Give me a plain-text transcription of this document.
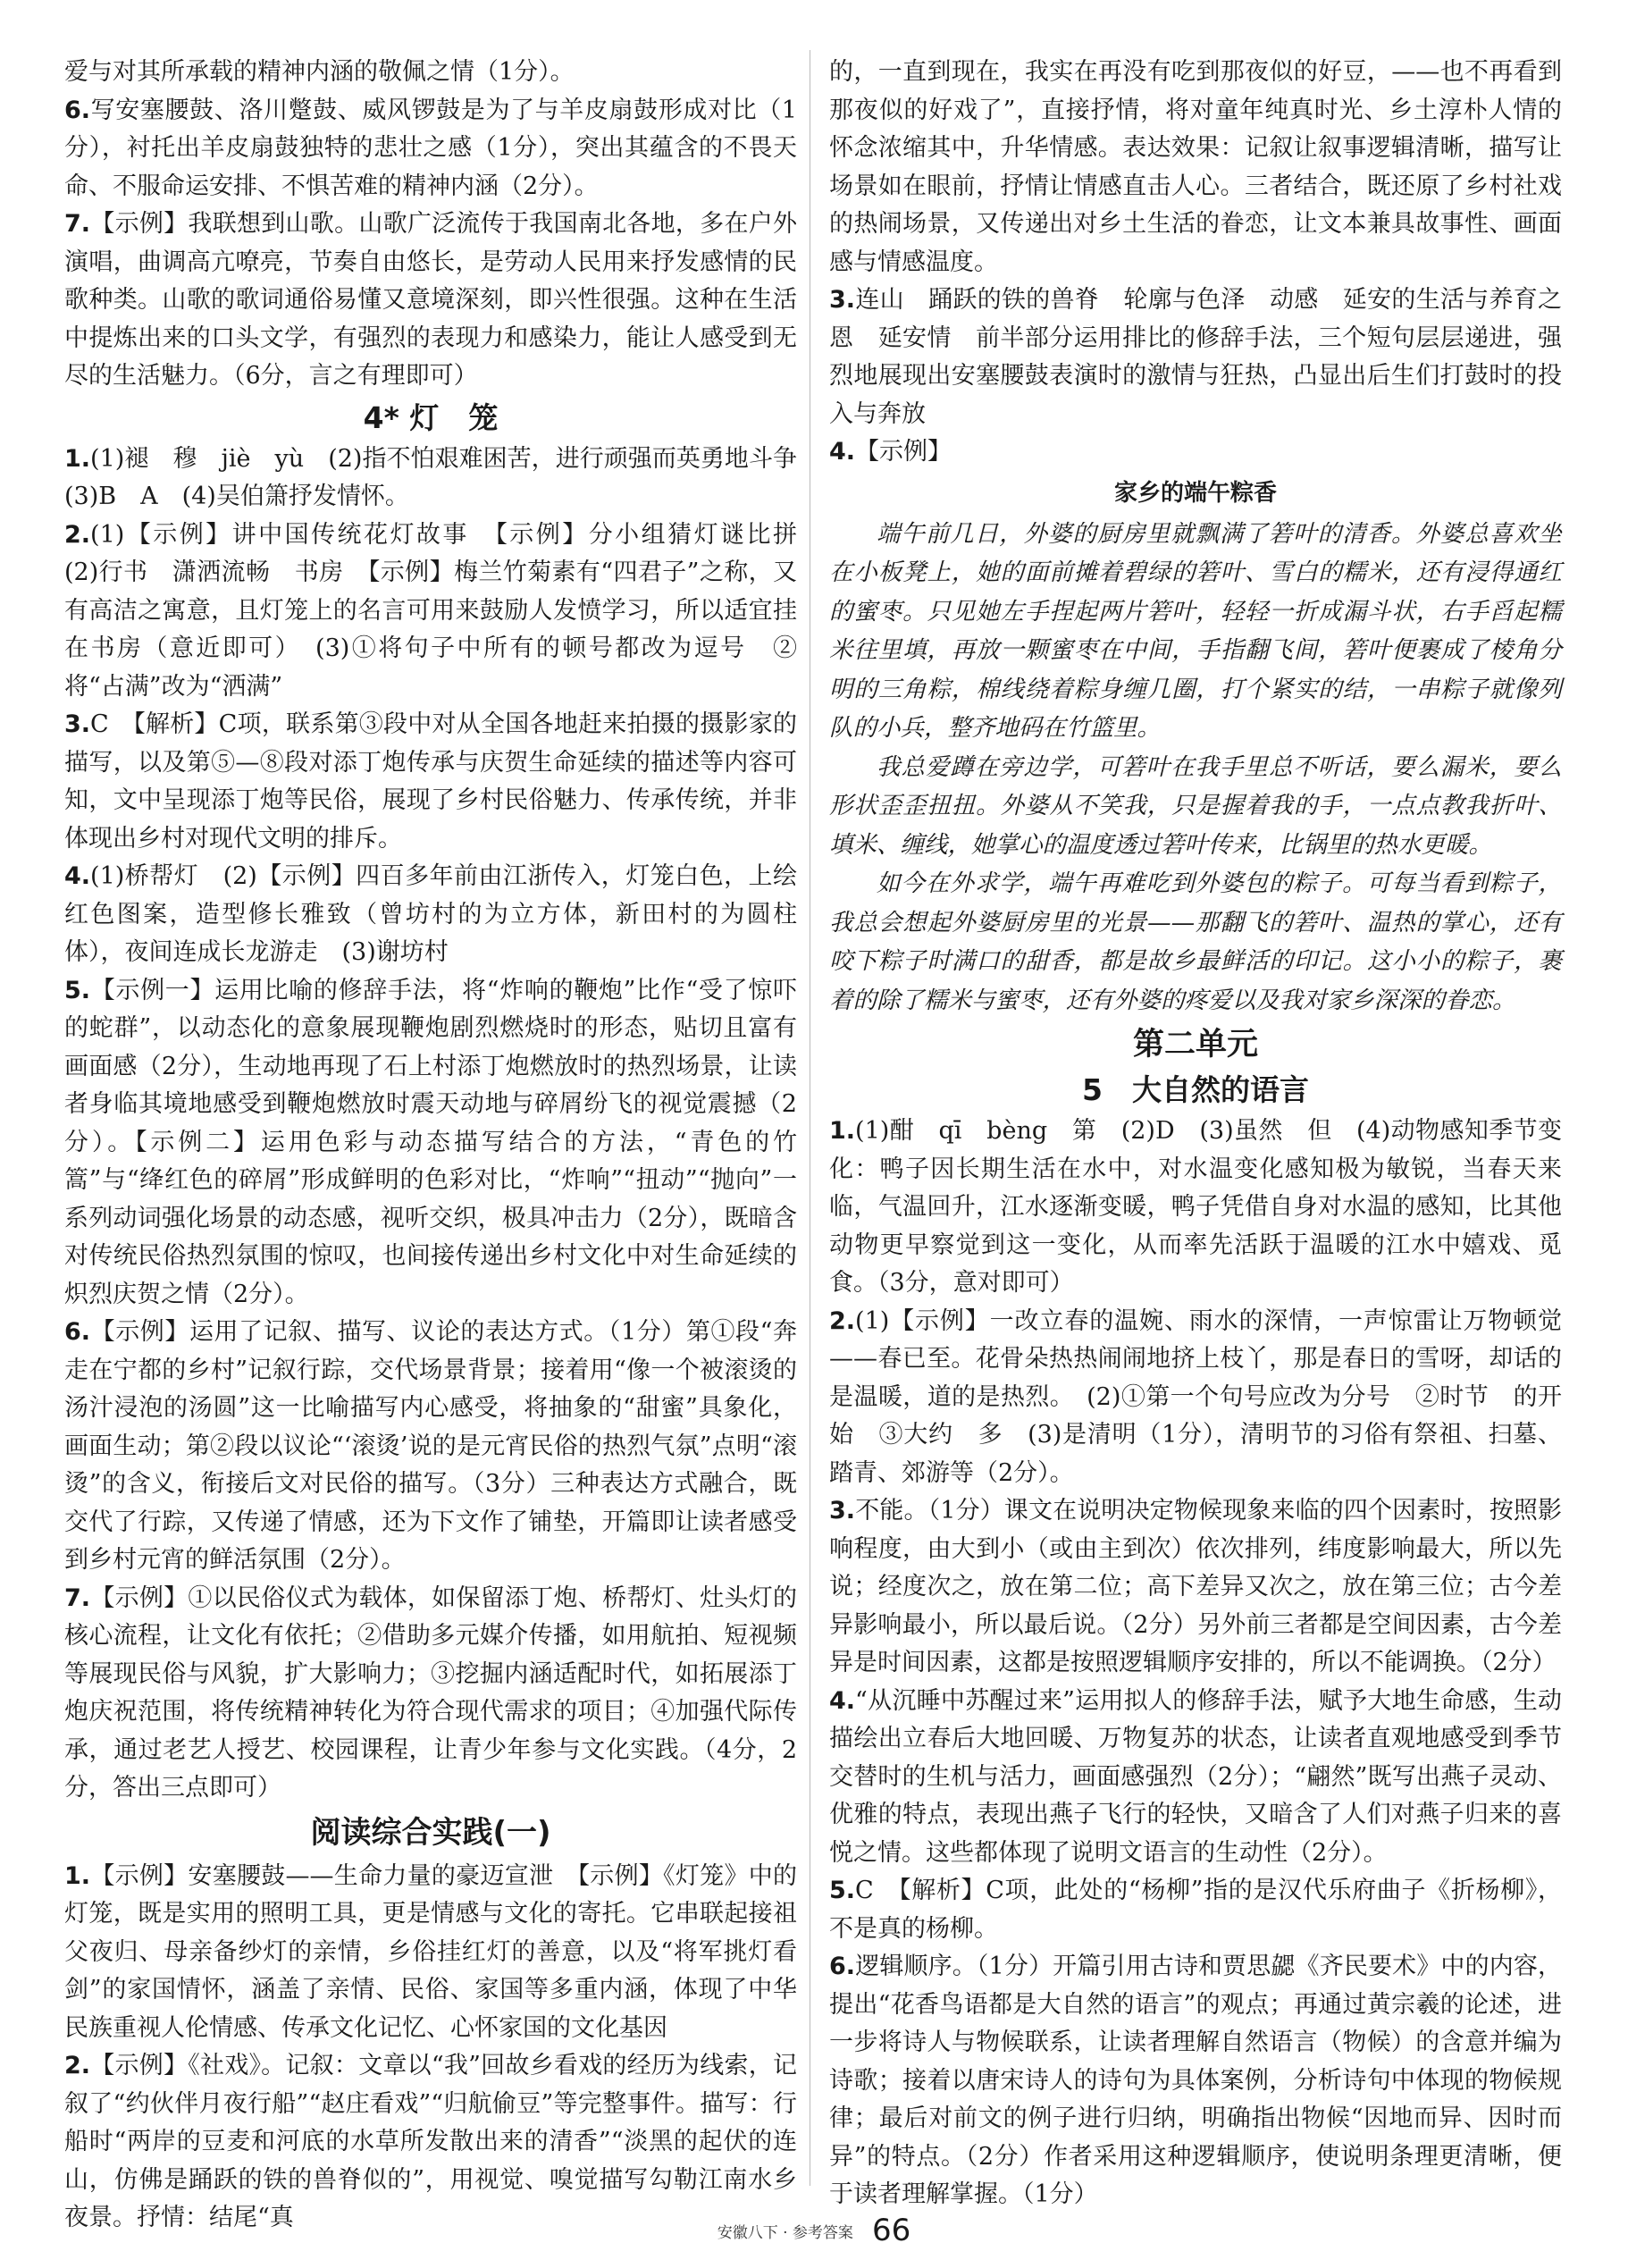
爱与对其所承载的精神内涵的敬佩之情（1分）。

6.写安塞腰鼓、洛川蹩鼓、威风锣鼓是为了与羊皮扇鼓形成对比（1分），衬托出羊皮扇鼓独特的悲壮之感（1分），突出其蕴含的不畏天命、不服命运安排、不惧苦难的精神内涵（2分）。

7.【示例】我联想到山歌。山歌广泛流传于我国南北各地，多在户外演唱，曲调高亢嘹亮，节奏自由悠长，是劳动人民用来抒发感情的民歌种类。山歌的歌词通俗易懂又意境深刻，即兴性很强。这种在生活中提炼出来的口头文学，有强烈的表现力和感染力，能让人感受到无尽的生活魅力。（6分，言之有理即可）

4* 灯　笼

1.(1)褪　穆　jiè　yù　(2)指不怕艰难困苦，进行顽强而英勇地斗争　(3)B　A　(4)吴伯箫抒发情怀。

2.(1)【示例】讲中国传统花灯故事　【示例】分小组猜灯谜比拼　(2)行书　潇洒流畅　书房　【示例】梅兰竹菊素有“四君子”之称，又有高洁之寓意，且灯笼上的名言可用来鼓励人发愤学习，所以适宜挂在书房（意近即可）　(3)①将句子中所有的顿号都改为逗号　②将“占满”改为“洒满”

3.C　【解析】C项，联系第③段中对从全国各地赶来拍摄的摄影家的描写，以及第⑤—⑧段对添丁炮传承与庆贺生命延续的描述等内容可知，文中呈现添丁炮等民俗，展现了乡村民俗魅力、传承传统，并非体现出乡村对现代文明的排斥。

4.(1)桥帮灯　(2)【示例】四百多年前由江浙传入，灯笼白色，上绘红色图案，造型修长雅致（曾坊村的为立方体，新田村的为圆柱体），夜间连成长龙游走　(3)谢坊村

5.【示例一】运用比喻的修辞手法，将“炸响的鞭炮”比作“受了惊吓的蛇群”，以动态化的意象展现鞭炮剧烈燃烧时的形态，贴切且富有画面感（2分），生动地再现了石上村添丁炮燃放时的热烈场景，让读者身临其境地感受到鞭炮燃放时震天动地与碎屑纷飞的视觉震撼（2分）。【示例二】运用色彩与动态描写结合的方法，“青色的竹篙”与“绛红色的碎屑”形成鲜明的色彩对比，“炸响”“扭动”“抛向”一系列动词强化场景的动态感，视听交织，极具冲击力（2分），既暗含对传统民俗热烈氛围的惊叹，也间接传递出乡村文化中对生命延续的炽烈庆贺之情（2分）。

6.【示例】运用了记叙、描写、议论的表达方式。（1分）第①段“奔走在宁都的乡村”记叙行踪，交代场景背景；接着用“像一个被滚烫的汤汁浸泡的汤圆”这一比喻描写内心感受，将抽象的“甜蜜”具象化，画面生动；第②段以议论“‘滚烫’说的是元宵民俗的热烈气氛”点明“滚烫”的含义，衔接后文对民俗的描写。（3分）三种表达方式融合，既交代了行踪，又传递了情感，还为下文作了铺垫，开篇即让读者感受到乡村元宵的鲜活氛围（2分）。

7.【示例】①以民俗仪式为载体，如保留添丁炮、桥帮灯、灶头灯的核心流程，让文化有依托；②借助多元媒介传播，如用航拍、短视频等展现民俗与风貌，扩大影响力；③挖掘内涵适配时代，如拓展添丁炮庆祝范围，将传统精神转化为符合现代需求的项目；④加强代际传承，通过老艺人授艺、校园课程，让青少年参与文化实践。（4分，2分，答出三点即可）

阅读综合实践(一)

1.【示例】安塞腰鼓——生命力量的豪迈宣泄　【示例】《灯笼》中的灯笼，既是实用的照明工具，更是情感与文化的寄托。它串联起接祖父夜归、母亲备纱灯的亲情，乡俗挂红灯的善意，以及“将军挑灯看剑”的家国情怀，涵盖了亲情、民俗、家国等多重内涵，体现了中华民族重视人伦情感、传承文化记忆、心怀家国的文化基因

2.【示例】《社戏》。记叙：文章以“我”回故乡看戏的经历为线索，记叙了“约伙伴月夜行船”“赵庄看戏”“归航偷豆”等完整事件。描写：行船时“两岸的豆麦和河底的水草所发散出来的清香”“淡黑的起伏的连山，仿佛是踊跃的铁的兽脊似的”，用视觉、嗅觉描写勾勒江南水乡夜景。抒情：结尾“真

的，一直到现在，我实在再没有吃到那夜似的好豆，——也不再看到那夜似的好戏了”，直接抒情，将对童年纯真时光、乡土淳朴人情的怀念浓缩其中，升华情感。表达效果：记叙让叙事逻辑清晰，描写让场景如在眼前，抒情让情感直击人心。三者结合，既还原了乡村社戏的热闹场景，又传递出对乡土生活的眷恋，让文本兼具故事性、画面感与情感温度。

3.连山　踊跃的铁的兽脊　轮廓与色泽　动感　延安的生活与养育之恩　延安情　前半部分运用排比的修辞手法，三个短句层层递进，强烈地展现出安塞腰鼓表演时的激情与狂热，凸显出后生们打鼓时的投入与奔放

4.【示例】

家乡的端午粽香

端午前几日，外婆的厨房里就飘满了箬叶的清香。外婆总喜欢坐在小板凳上，她的面前摊着碧绿的箬叶、雪白的糯米，还有浸得通红的蜜枣。只见她左手捏起两片箬叶，轻轻一折成漏斗状，右手舀起糯米往里填，再放一颗蜜枣在中间，手指翻飞间，箬叶便裹成了棱角分明的三角粽，棉线绕着粽身缠几圈，打个紧实的结，一串粽子就像列队的小兵，整齐地码在竹篮里。

我总爱蹲在旁边学，可箬叶在我手里总不听话，要么漏米，要么形状歪歪扭扭。外婆从不笑我，只是握着我的手，一点点教我折叶、填米、缠线，她掌心的温度透过箬叶传来，比锅里的热水更暖。

如今在外求学，端午再难吃到外婆包的粽子。可每当看到粽子，我总会想起外婆厨房里的光景——那翻飞的箬叶、温热的掌心，还有咬下粽子时满口的甜香，都是故乡最鲜活的印记。这小小的粽子，裹着的除了糯米与蜜枣，还有外婆的疼爱以及我对家乡深深的眷恋。

第二单元
5　大自然的语言

1.(1)酣　qī　bèng　第　(2)D　(3)虽然　但　(4)动物感知季节变化：鸭子因长期生活在水中，对水温变化感知极为敏锐，当春天来临，气温回升，江水逐渐变暖，鸭子凭借自身对水温的感知，比其他动物更早察觉到这一变化，从而率先活跃于温暖的江水中嬉戏、觅食。（3分，意对即可）

2.(1)【示例】一改立春的温婉、雨水的深情，一声惊雷让万物顿觉——春已至。花骨朵热热闹闹地挤上枝丫，那是春日的雪呀，却话的是温暖，道的是热烈。　(2)①第一个句号应改为分号　②时节　的开始　③大约　多　(3)是清明（1分），清明节的习俗有祭祖、扫墓、踏青、郊游等（2分）。

3.不能。（1分）课文在说明决定物候现象来临的四个因素时，按照影响程度，由大到小（或由主到次）依次排列，纬度影响最大，所以先说；经度次之，放在第二位；高下差异又次之，放在第三位；古今差异影响最小，所以最后说。（2分）另外前三者都是空间因素，古今差异是时间因素，这都是按照逻辑顺序安排的，所以不能调换。（2分）

4.“从沉睡中苏醒过来”运用拟人的修辞手法，赋予大地生命感，生动描绘出立春后大地回暖、万物复苏的状态，让读者直观地感受到季节交替时的生机与活力，画面感强烈（2分）；“翩然”既写出燕子灵动、优雅的特点，表现出燕子飞行的轻快，又暗含了人们对燕子归来的喜悦之情。这些都体现了说明文语言的生动性（2分）。

5.C　【解析】C项，此处的“杨柳”指的是汉代乐府曲子《折杨柳》，不是真的杨柳。

6.逻辑顺序。（1分）开篇引用古诗和贾思勰《齐民要术》中的内容，提出“花香鸟语都是大自然的语言”的观点；再通过黄宗羲的论述，进一步将诗人与物候联系，让读者理解自然语言（物候）的含意并编为诗歌；接着以唐宋诗人的诗句为具体案例，分析诗句中体现的物候规律；最后对前文的例子进行归纳，明确指出物候“因地而异、因时而异”的特点。（2分）作者采用这种逻辑顺序，使说明条理更清晰，便于读者理解掌握。（1分）

安徽八下 · 参考答案 66
